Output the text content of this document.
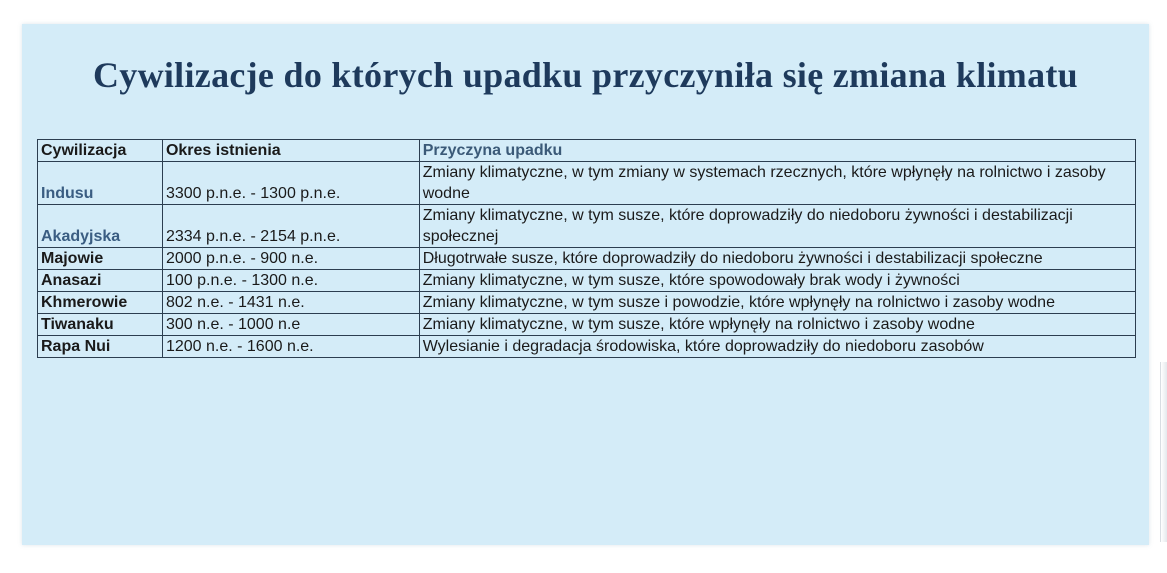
Cywilizacje do których upadku przyczyniła się zmiana klimatu
Cywilizacja	Okres istnienia	Przyczyna upadku
Indusu	3300 p.n.e. - 1300 p.n.e.	Zmiany klimatyczne, w tym zmiany w systemach rzecznych, które wpłynęły na rolnictwo i zasoby wodne
Akadyjska	2334 p.n.e. - 2154 p.n.e.	Zmiany klimatyczne, w tym susze, które doprowadziły do niedoboru żywności i destabilizacji społecznej
Majowie	2000 p.n.e. - 900 n.e.	Długotrwałe susze, które doprowadziły do niedoboru żywności i destabilizacji społeczne
Anasazi	100 p.n.e. - 1300 n.e.	Zmiany klimatyczne, w tym susze, które spowodowały brak wody i żywności
Khmerowie	802 n.e. - 1431 n.e.	Zmiany klimatyczne, w tym susze i powodzie, które wpłynęły na rolnictwo i zasoby wodne
Tiwanaku	300 n.e. - 1000 n.e	Zmiany klimatyczne, w tym susze, które wpłynęły na rolnictwo i zasoby wodne
Rapa Nui	1200 n.e. - 1600 n.e.	Wylesianie i degradacja środowiska, które doprowadziły do niedoboru zasobów
